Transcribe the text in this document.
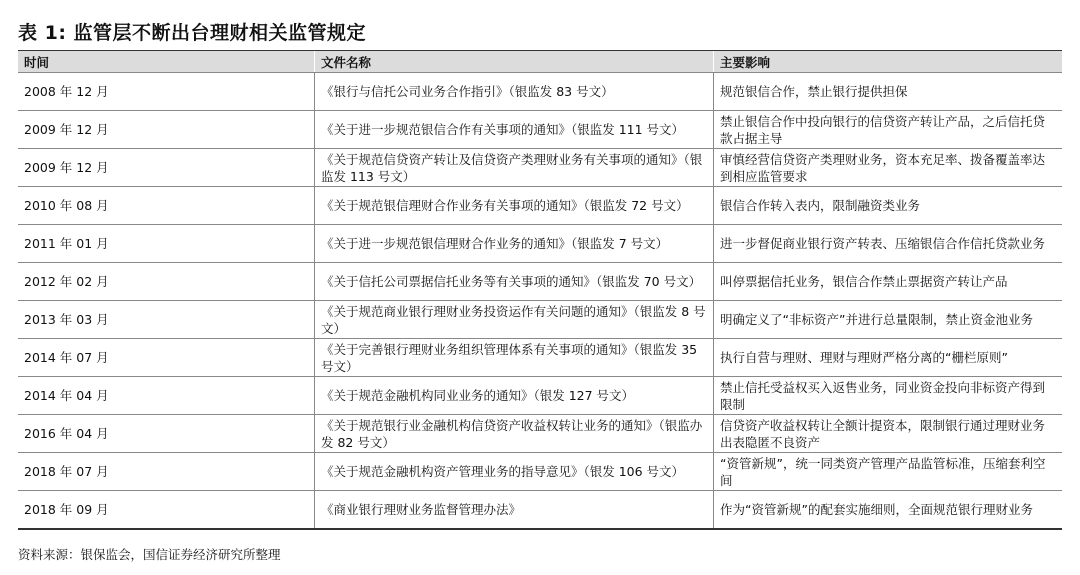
表 1: 监管层不断出台理财相关监管规定
时间	文件名称	主要影响
2008 年 12 月	《银行与信托公司业务合作指引》（银监发 83 号文）	规范银信合作，禁止银行提供担保
2009 年 12 月	《关于进一步规范银信合作有关事项的通知》（银监发 111 号文）	禁止银信合作中投向银行的信贷资产转让产品，之后信托贷款占据主导
2009 年 12 月	《关于规范信贷资产转让及信贷资产类理财业务有关事项的通知》（银监发 113 号文）	审慎经营信贷资产类理财业务，资本充足率、拨备覆盖率达到相应监管要求
2010 年 08 月	《关于规范银信理财合作业务有关事项的通知》（银监发 72 号文）	银信合作转入表内，限制融资类业务
2011 年 01 月	《关于进一步规范银信理财合作业务的通知》（银监发 7 号文）	进一步督促商业银行资产转表、压缩银信合作信托贷款业务
2012 年 02 月	《关于信托公司票据信托业务等有关事项的通知》（银监发 70 号文）	叫停票据信托业务，银信合作禁止票据资产转让产品
2013 年 03 月	《关于规范商业银行理财业务投资运作有关问题的通知》（银监发 8 号文）	明确定义了“非标资产”并进行总量限制，禁止资金池业务
2014 年 07 月	《关于完善银行理财业务组织管理体系有关事项的通知》（银监发 35 号文）	执行自营与理财、理财与理财严格分离的“栅栏原则”
2014 年 04 月	《关于规范金融机构同业业务的通知》（银发 127 号文）	禁止信托受益权买入返售业务，同业资金投向非标资产得到限制
2016 年 04 月	《关于规范银行业金融机构信贷资产收益权转让业务的通知》（银监办发 82 号文）	信贷资产收益权转让全额计提资本，限制银行通过理财业务出表隐匿不良资产
2018 年 07 月	《关于规范金融机构资产管理业务的指导意见》（银发 106 号文）	“资管新规”，统一同类资产管理产品监管标准，压缩套利空间
2018 年 09 月	《商业银行理财业务监督管理办法》	作为“资管新规”的配套实施细则，全面规范银行理财业务
资料来源：银保监会，国信证券经济研究所整理
